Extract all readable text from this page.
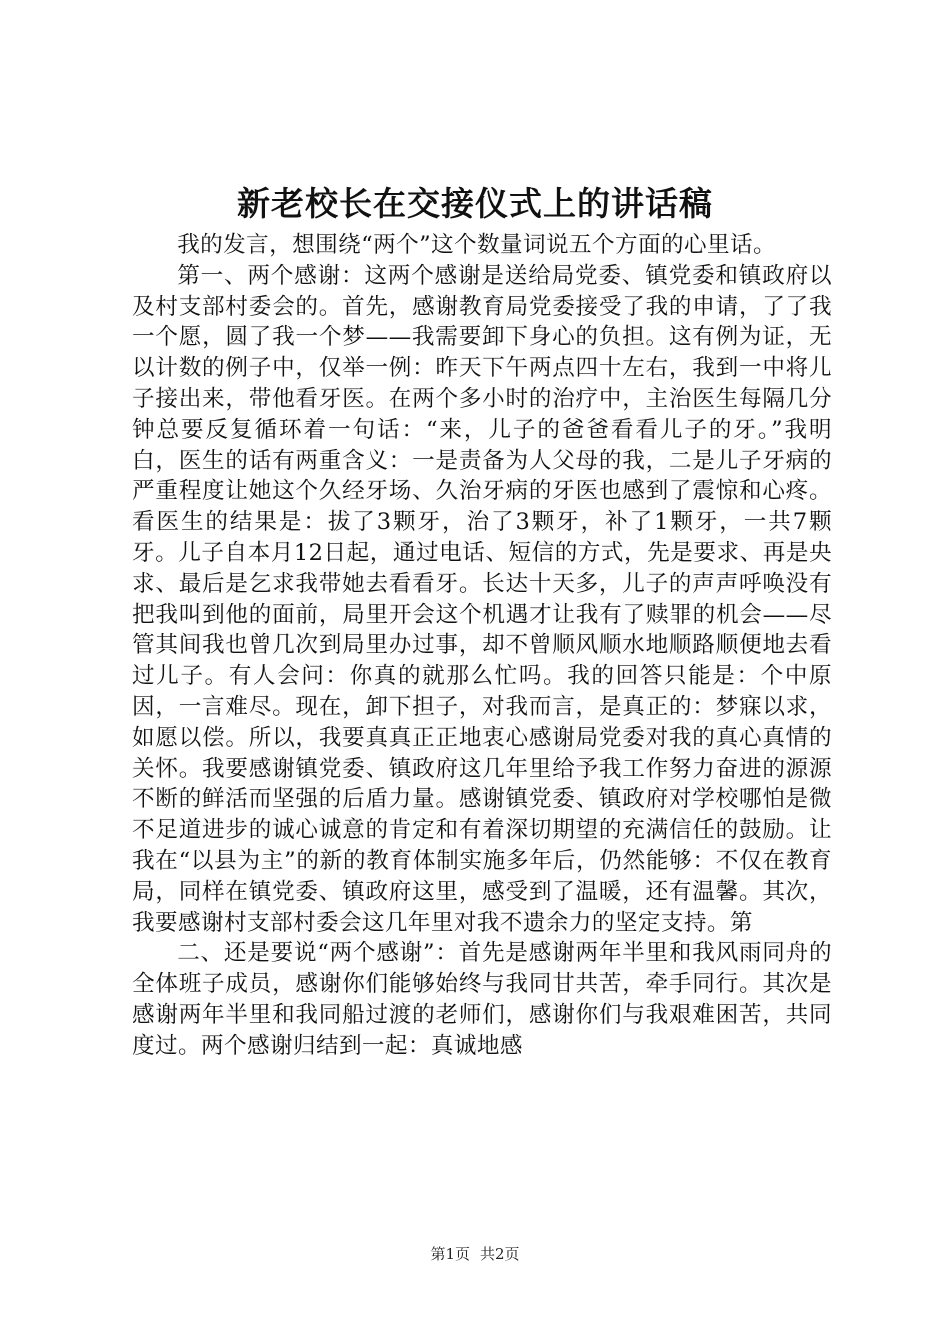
新老校长在交接仪式上的讲话稿

我的发言，想围绕“两个”这个数量词说五个方面的心里话。

第一、两个感谢：这两个感谢是送给局党委、镇党委和镇政府以及村支部村委会的。首先，感谢教育局党委接受了我的申请，了了我一个愿，圆了我一个梦——我需要卸下身心的负担。这有例为证，无以计数的例子中，仅举一例：昨天下午两点四十左右，我到一中将儿子接出来，带他看牙医。在两个多小时的治疗中，主治医生每隔几分钟总要反复循环着一句话：“来，儿子的爸爸看看儿子的牙。”我明白，医生的话有两重含义：一是责备为人父母的我，二是儿子牙病的严重程度让她这个久经牙场、久治牙病的牙医也感到了震惊和心疼。看医生的结果是：拔了3颗牙，治了3颗牙，补了1颗牙，一共7颗牙。儿子自本月12日起，通过电话、短信的方式，先是要求、再是央求、最后是乞求我带她去看看牙。长达十天多，儿子的声声呼唤没有把我叫到他的面前，局里开会这个机遇才让我有了赎罪的机会——尽管其间我也曾几次到局里办过事，却不曾顺风顺水地顺路顺便地去看过儿子。有人会问：你真的就那么忙吗。我的回答只能是：个中原因，一言难尽。现在，卸下担子，对我而言，是真正的：梦寐以求，如愿以偿。所以，我要真真正正地衷心感谢局党委对我的真心真情的关怀。我要感谢镇党委、镇政府这几年里给予我工作努力奋进的源源不断的鲜活而坚强的后盾力量。感谢镇党委、镇政府对学校哪怕是微不足道进步的诚心诚意的肯定和有着深切期望的充满信任的鼓励。让我在“以县为主”的新的教育体制实施多年后，仍然能够：不仅在教育局，同样在镇党委、镇政府这里，感受到了温暖，还有温馨。其次，我要感谢村支部村委会这几年里对我不遗余力的坚定支持。第

二、还是要说“两个感谢”：首先是感谢两年半里和我风雨同舟的全体班子成员，感谢你们能够始终与我同甘共苦，牵手同行。其次是感谢两年半里和我同船过渡的老师们，感谢你们与我艰难困苦，共同度过。两个感谢归结到一起：真诚地感

第1页 共2页
